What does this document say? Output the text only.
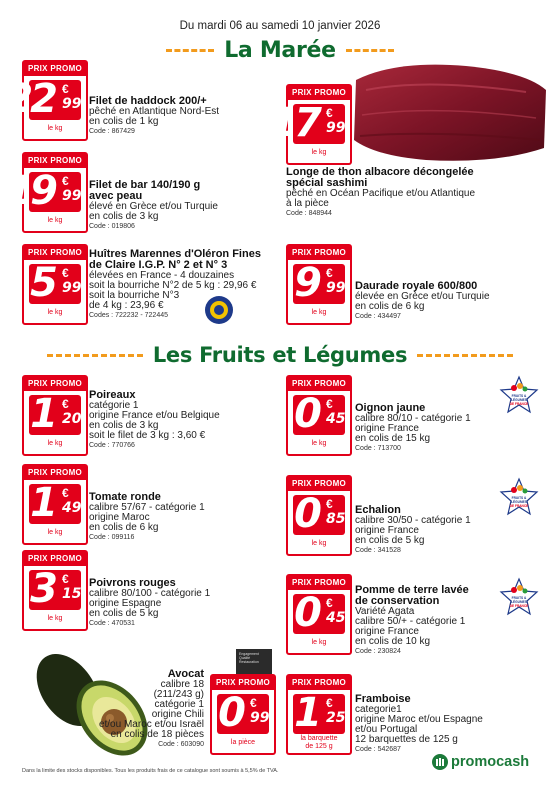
Du mardi 06 au samedi 10 janvier 2026
La Marée
PRIX PROMO
22 €
99
le kg
Filet de haddock 200/+
pêché en Atlantique Nord-Est
en colis de 1 kg
Code : 867429
PRIX PROMO
17 €
99
le kg
Longe de thon albacore décongelée
spécial sashimi
pêché en Océan Pacifique et/ou Atlantique
à la pièce
Code : 848944
PRIX PROMO
19 €
99
le kg
Filet de bar 140/190 g
avec peau
élevé en Grèce et/ou Turquie
en colis de 3 kg
Code : 019806
PRIX PROMO
5 €
99
le kg
Huîtres Marennes d'Oléron Fines
de Claire I.G.P. N° 2 et N° 3
élevées en France - 4 douzaines
soit la bourriche N°2 de 5 kg : 29,96 €
soit la bourriche N°3
de 4 kg : 23,96 €
Codes : 722232 - 722445
PRIX PROMO
9 €
99
le kg
Daurade royale 600/800
élevée en Grèce et/ou Turquie
en colis de 6 kg
Code : 434497
Les Fruits et Légumes
PRIX PROMO
1 €
20
le kg
Poireaux
catégorie 1
origine France et/ou Belgique
en colis de 3 kg
soit le filet de 3 kg : 3,60 €
Code : 770766
PRIX PROMO
0 €
45
le kg
Oignon jaune
calibre 80/10 - catégorie 1
origine France
en colis de 15 kg
Code : 713700
FRUITS &
LÉGUMES
DE FRANCE
PRIX PROMO
1 €
49
le kg
Tomate ronde
calibre 57/67 - catégorie 1
origine Maroc
en colis de 6 kg
Code : 099116
PRIX PROMO
0 €
85
le kg
Echalion
calibre 30/50 - catégorie 1
origine France
en colis de 5 kg
Code : 341528
FRUITS &
LÉGUMES
DE FRANCE
PRIX PROMO
3 €
15
le kg
Poivrons rouges
calibre 80/100 - catégorie 1
origine Espagne
en colis de 5 kg
Code : 470531
PRIX PROMO
0 €
45
le kg
Pomme de terre lavée
de conservation
Variété Agata
calibre 50/+ - catégorie 1
origine France
en colis de 10 kg
Code : 230824
FRUITS &
LÉGUMES
DE FRANCE
Engagement
Qualité
Restauration
Avocat
calibre 18
(211/243 g)
catégorie 1
origine Chili
et/ou Maroc et/ou Israël
en colis de 18 pièces
Code : 603090
PRIX PROMO
0 €
99
la pièce
PRIX PROMO
1 €
25
la barquette
de 125 g
Framboise
categorie1
origine Maroc et/ou Espagne
et/ou Portugal
12 barquettes de 125 g
Code : 542687
Dans la limite des stocks disponibles. Tous les produits frais de ce catalogue sont soumis à 5,5% de TVA.
promocash
